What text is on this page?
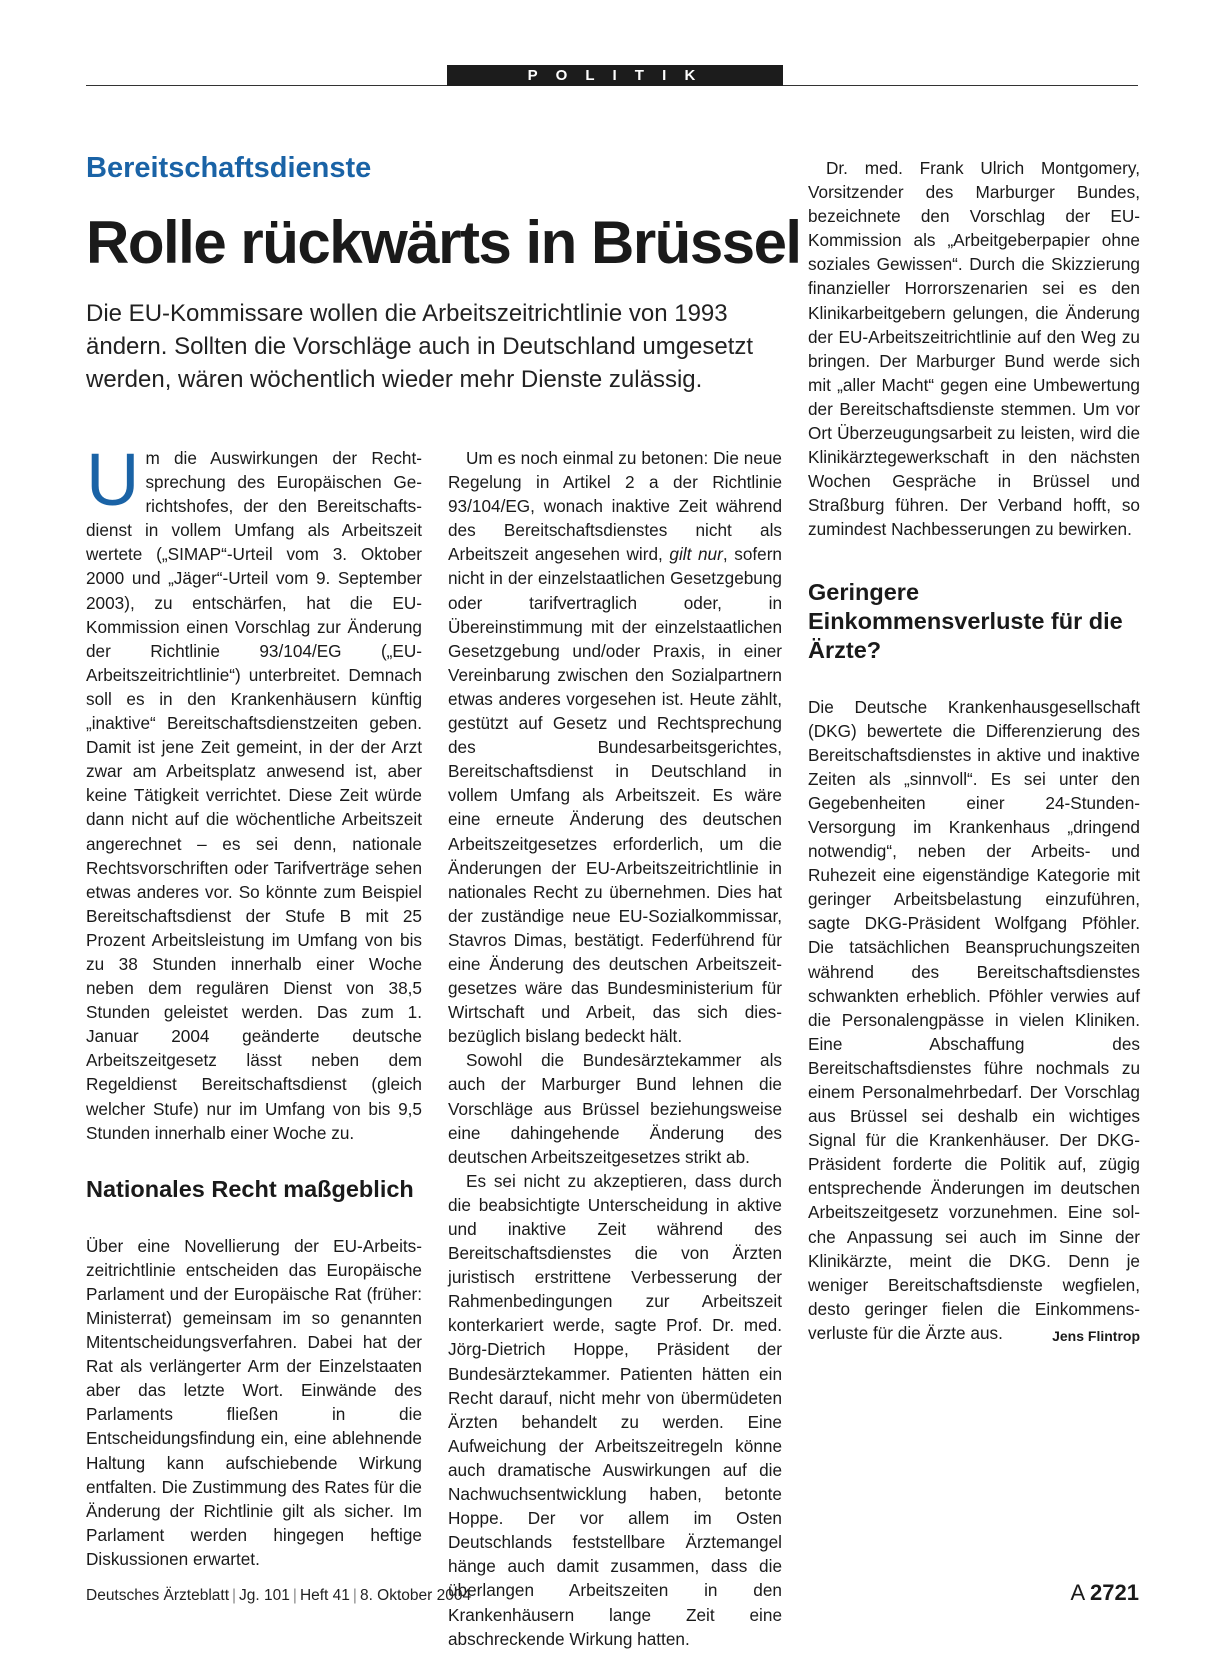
P O L I T I K
Bereitschaftsdienste
Rolle rückwärts in Brüssel
Die EU-Kommissare wollen die Arbeitszeitrichtlinie von 1993 ändern. Sollten die Vorschläge auch in Deutschland umgesetzt werden, wären wöchentlich wieder mehr Dienste zulässig.

Um die Auswirkungen der Rechtsprechung des Europäischen Gerichtshofes, der den Bereitschaftsdienst in vollem Umfang als Arbeitszeit wertete („SIMAP“-Urteil vom 3. Oktober 2000 und „Jäger“-Urteil vom 9. September 2003), zu entschärfen, hat die EU-Kommission einen Vorschlag zur Änderung der Richtlinie 93/104/EG („EU-Arbeitszeitrichtlinie“) unterbreitet. Demnach soll es in den Krankenhäusern künftig „inaktive“ Bereitschaftsdienstzeiten geben. Damit ist jene Zeit gemeint, in der der Arzt zwar am Arbeitsplatz anwesend ist, aber keine Tätigkeit verrichtet. Diese Zeit würde dann nicht auf die wöchentliche Arbeitszeit angerechnet – es sei denn, nationale Rechtsvorschriften oder Tarifverträge sehen etwas anderes vor. So könnte zum Beispiel Bereitschaftsdienst der Stufe B mit 25 Prozent Arbeitsleistung im Umfang von bis zu 38 Stunden innerhalb einer Woche neben dem regulären Dienst von 38,5 Stunden geleistet werden. Das zum 1. Januar 2004 geänderte deutsche Arbeitszeitgesetz lässt neben dem Regeldienst Bereitschaftsdienst (gleich welcher Stufe) nur im Umfang von bis 9,5 Stunden innerhalb einer Woche zu.

Nationales Recht maßgeblich

Über eine Novellierung der EU-Arbeitszeitrichtlinie entscheiden das Europäische Parlament und der Europäische Rat (früher: Ministerrat) gemeinsam im so genannten Mitentscheidungsverfahren. Dabei hat der Rat als verlängerter Arm der Einzelstaaten aber das letzte Wort. Einwände des Parlaments fließen in die Entscheidungsfindung ein, eine ablehnende Haltung kann aufschiebende Wirkung entfalten. Die Zustimmung des Rates für die Änderung der Richtlinie gilt als sicher. Im Parlament werden hingegen heftige Diskussionen erwartet.

Um es noch einmal zu betonen: Die neue Regelung in Artikel 2 a der Richtlinie 93/104/EG, wonach inaktive Zeit während des Bereitschaftsdienstes nicht als Arbeitszeit angesehen wird, gilt nur, sofern nicht in der einzelstaatlichen Gesetzgebung oder tarifvertraglich oder, in Übereinstimmung mit der einzelstaatlichen Gesetzgebung und/oder Praxis, in einer Vereinbarung zwischen den Sozialpartnern etwas anderes vorgesehen ist. Heute zählt, gestützt auf Gesetz und Rechtsprechung des Bundesarbeitsgerichtes, Bereitschaftsdienst in Deutschland in vollem Umfang als Arbeitszeit. Es wäre eine erneute Änderung des deutschen Arbeitszeitgesetzes erforderlich, um die Änderungen der EU-Arbeitszeitrichtlinie in nationales Recht zu übernehmen. Dies hat der zuständige neue EU-Sozialkommissar, Stavros Dimas, bestätigt. Federführend für eine Änderung des deutschen Arbeitszeitgesetzes wäre das Bundesministerium für Wirtschaft und Arbeit, das sich diesbezüglich bislang bedeckt hält.

Sowohl die Bundesärztekammer als auch der Marburger Bund lehnen die Vorschläge aus Brüssel beziehungsweise eine dahingehende Änderung des deutschen Arbeitszeitgesetzes strikt ab.

Es sei nicht zu akzeptieren, dass durch die beabsichtigte Unterscheidung in aktive und inaktive Zeit während des Bereitschaftsdienstes die von Ärzten juristisch erstrittene Verbesserung der Rahmenbedingungen zur Arbeitszeit konterkariert werde, sagte Prof. Dr. med. Jörg-Dietrich Hoppe, Präsident der Bundesärztekammer. Patienten hätten ein Recht darauf, nicht mehr von übermüdeten Ärzten behandelt zu werden. Eine Aufweichung der Arbeitszeitregeln könne auch dramatische Auswirkungen auf die Nachwuchsentwicklung haben, betonte Hoppe. Der vor allem im Osten Deutschlands feststellbare Ärztemangel hänge auch damit zusammen, dass die überlangen Arbeitszeiten in den Krankenhäusern lange Zeit eine abschreckende Wirkung hatten.

Dr. med. Frank Ulrich Montgomery, Vorsitzender des Marburger Bundes, bezeichnete den Vorschlag der EU-Kommission als „Arbeitgeberpapier ohne soziales Gewissen“. Durch die Skizzierung finanzieller Horrorszenarien sei es den Klinikarbeitgebern gelungen, die Änderung der EU-Arbeitszeitrichtlinie auf den Weg zu bringen. Der Marburger Bund werde sich mit „aller Macht“ gegen eine Umbewertung der Bereitschaftsdienste stemmen. Um vor Ort Überzeugungsarbeit zu leisten, wird die Klinikärztegewerkschaft in den nächsten Wochen Gespräche in Brüssel und Straßburg führen. Der Verband hofft, so zumindest Nachbesserungen zu bewirken.

Geringere Einkommensverluste für die Ärzte?

Die Deutsche Krankenhausgesellschaft (DKG) bewertete die Differenzierung des Bereitschaftsdienstes in aktive und inaktive Zeiten als „sinnvoll“. Es sei unter den Gegebenheiten einer 24-Stunden-Versorgung im Krankenhaus „dringend notwendig“, neben der Arbeits- und Ruhezeit eine eigenständige Kategorie mit geringer Arbeitsbelastung einzuführen, sagte DKG-Präsident Wolfgang Pföhler. Die tatsächlichen Beanspruchungszeiten während des Bereitschaftsdienstes schwankten erheblich. Pföhler verwies auf die Personalengpässe in vielen Kliniken. Eine Abschaffung des Bereitschaftsdienstes führe nochmals zu einem Personalmehrbedarf. Der Vorschlag aus Brüssel sei deshalb ein wichtiges Signal für die Krankenhäuser. Der DKG-Präsident forderte die Politik auf, zügig entsprechende Änderungen im deutschen Arbeitszeitgesetz vorzunehmen. Eine solche Anpassung sei auch im Sinne der Klinikärzte, meint die DKG. Denn je weniger Bereitschaftsdienste wegfielen, desto geringer fielen die Einkommensverluste für die Ärzte aus.	Jens Flintrop

Deutsches Ärzteblatt | Jg. 101 | Heft 41 | 8. Oktober 2004	A 2721
